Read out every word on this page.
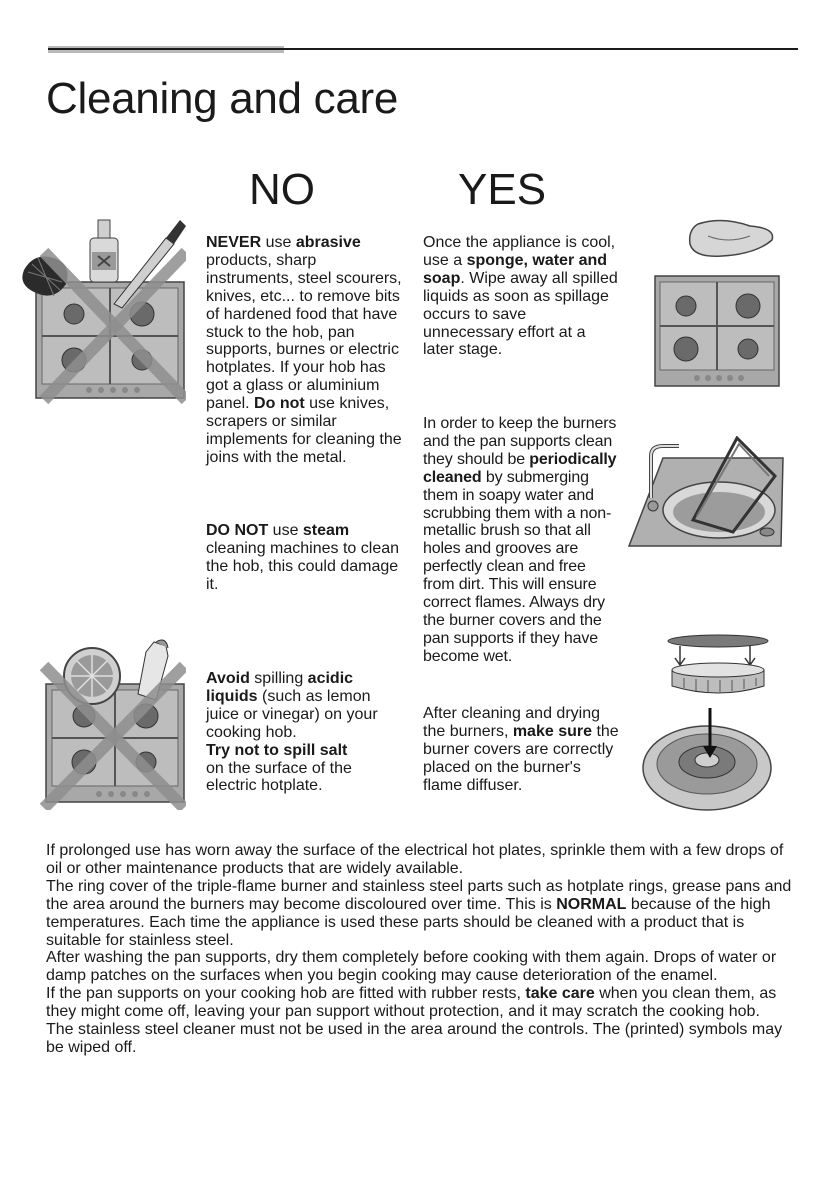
Cleaning and care
NO	YES
NEVER use abrasive products, sharp instruments, steel scourers, knives, etc... to remove bits of hardened food that have stuck to the hob, pan supports, burnes or electric hotplates. If your hob has got a glass or aluminium panel. Do not use knives, scrapers or similar implements for cleaning the joins with the metal.
DO NOT use steam cleaning machines to clean the hob, this could damage it.
Avoid spilling acidic liquids (such as lemon juice or vinegar) on your cooking hob.
Try not to spill salt
on the surface of the electric hotplate.
Once the appliance is cool, use a sponge, water and soap. Wipe away all spilled liquids as soon as spillage occurs to save unnecessary effort at a later stage.
In order to keep the burners and the pan supports clean they should be periodically cleaned by submerging them in soapy water and scrubbing them with a non-metallic brush so that all holes and grooves are perfectly clean and free from dirt. This will ensure correct flames. Always dry the burner covers and the pan supports if they have become wet.
After cleaning and drying the burners, make sure the burner covers are correctly placed on the burner's flame diffuser.

If prolonged use has worn away the surface of the electrical hot plates, sprinkle them with a few drops of oil or other maintenance products that are widely available.

The ring cover of the triple-flame burner and stainless steel parts such as hotplate rings, grease pans and the area around the burners may become discoloured over time. This is NORMAL because of the high temperatures. Each time the appliance is used these parts should be cleaned with a product that is suitable for stainless steel.

After washing the pan supports, dry them completely before cooking with them again. Drops of water or damp patches on the surfaces when you begin cooking may cause deterioration of the enamel.

If the pan supports on your cooking hob are fitted with rubber rests, take care when you clean them, as they might come off, leaving your pan support without protection, and it may scratch the cooking hob.

The stainless steel cleaner must not be used in the area around the controls. The (printed) symbols may be wiped off.
